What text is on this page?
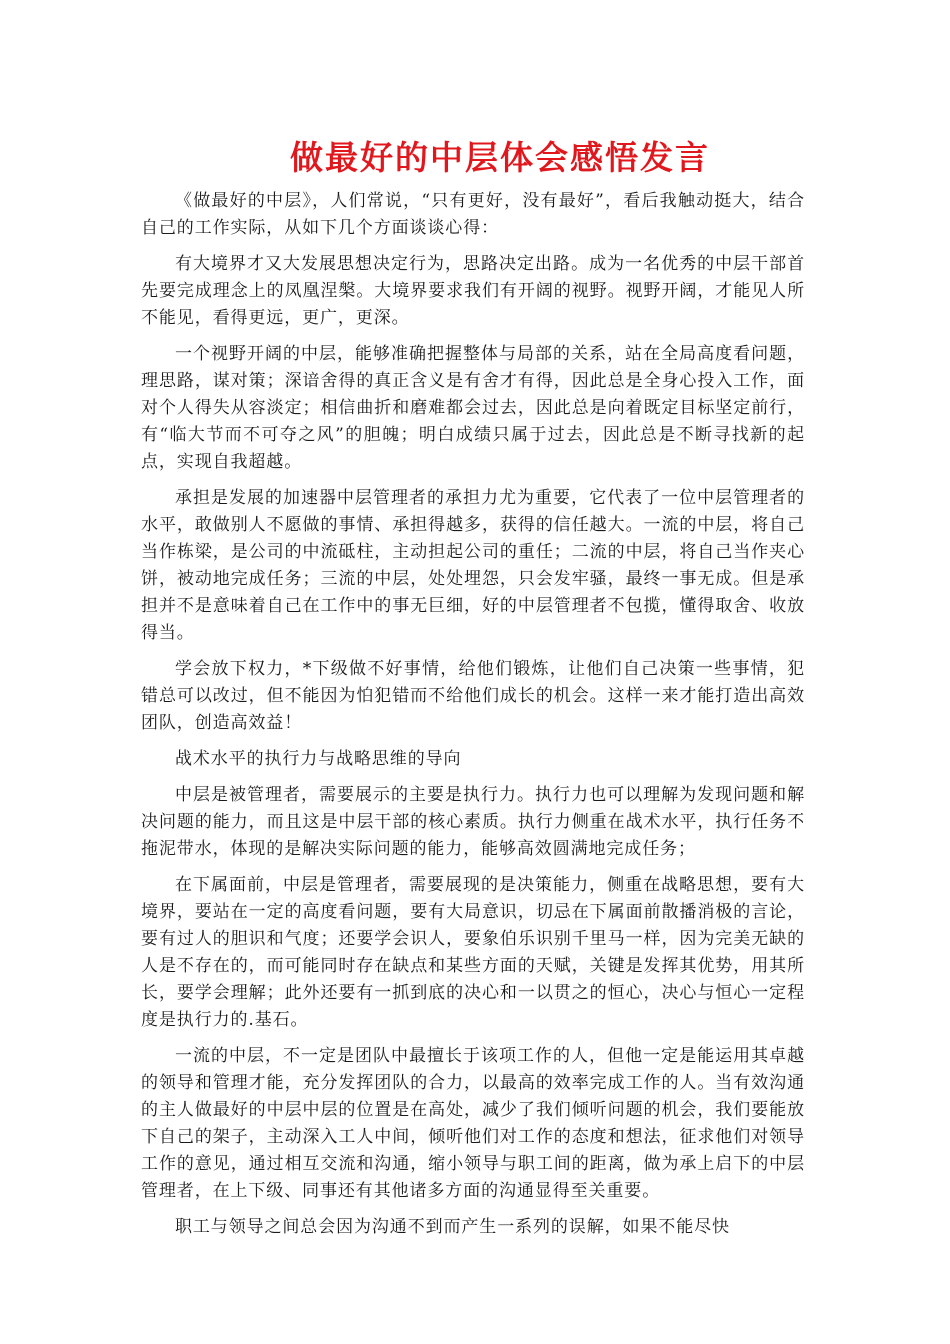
做最好的中层体会感悟发言

《做最好的中层》，人们常说，“只有更好，没有最好”，看后我触动挺大，结合自己的工作实际，从如下几个方面谈谈心得：

有大境界才又大发展思想决定行为，思路决定出路。成为一名优秀的中层干部首先要完成理念上的凤凰涅槃。大境界要求我们有开阔的视野。视野开阔，才能见人所不能见，看得更远，更广，更深。

一个视野开阔的中层，能够准确把握整体与局部的关系，站在全局高度看问题，理思路，谋对策；深谙舍得的真正含义是有舍才有得，因此总是全身心投入工作，面对个人得失从容淡定；相信曲折和磨难都会过去，因此总是向着既定目标坚定前行，有“临大节而不可夺之风”的胆魄；明白成绩只属于过去，因此总是不断寻找新的起点，实现自我超越。

承担是发展的加速器中层管理者的承担力尤为重要，它代表了一位中层管理者的水平，敢做别人不愿做的事情、承担得越多，获得的信任越大。一流的中层，将自己当作栋梁，是公司的中流砥柱，主动担起公司的重任；二流的中层，将自己当作夹心饼，被动地完成任务；三流的中层，处处埋怨，只会发牢骚，最终一事无成。但是承担并不是意味着自己在工作中的事无巨细，好的中层管理者不包揽，懂得取舍、收放得当。

学会放下权力，*下级做不好事情，给他们锻炼，让他们自己决策一些事情，犯错总可以改过，但不能因为怕犯错而不给他们成长的机会。这样一来才能打造出高效团队，创造高效益！

战术水平的执行力与战略思维的导向

中层是被管理者，需要展示的主要是执行力。执行力也可以理解为发现问题和解决问题的能力，而且这是中层干部的核心素质。执行力侧重在战术水平，执行任务不拖泥带水，体现的是解决实际问题的能力，能够高效圆满地完成任务；

在下属面前，中层是管理者，需要展现的是决策能力，侧重在战略思想，要有大境界，要站在一定的高度看问题，要有大局意识，切忌在下属面前散播消极的言论，要有过人的胆识和气度；还要学会识人，要象伯乐识别千里马一样，因为完美无缺的人是不存在的，而可能同时存在缺点和某些方面的天赋，关键是发挥其优势，用其所长，要学会理解；此外还要有一抓到底的决心和一以贯之的恒心，决心与恒心一定程度是执行力的.基石。

一流的中层，不一定是团队中最擅长于该项工作的人，但他一定是能运用其卓越的领导和管理才能，充分发挥团队的合力，以最高的效率完成工作的人。当有效沟通的主人做最好的中层中层的位置是在高处，减少了我们倾听问题的机会，我们要能放下自己的架子，主动深入工人中间，倾听他们对工作的态度和想法，征求他们对领导工作的意见，通过相互交流和沟通，缩小领导与职工间的距离，做为承上启下的中层管理者，在上下级、同事还有其他诸多方面的沟通显得至关重要。

职工与领导之间总会因为沟通不到而产生一系列的误解，如果不能尽快
